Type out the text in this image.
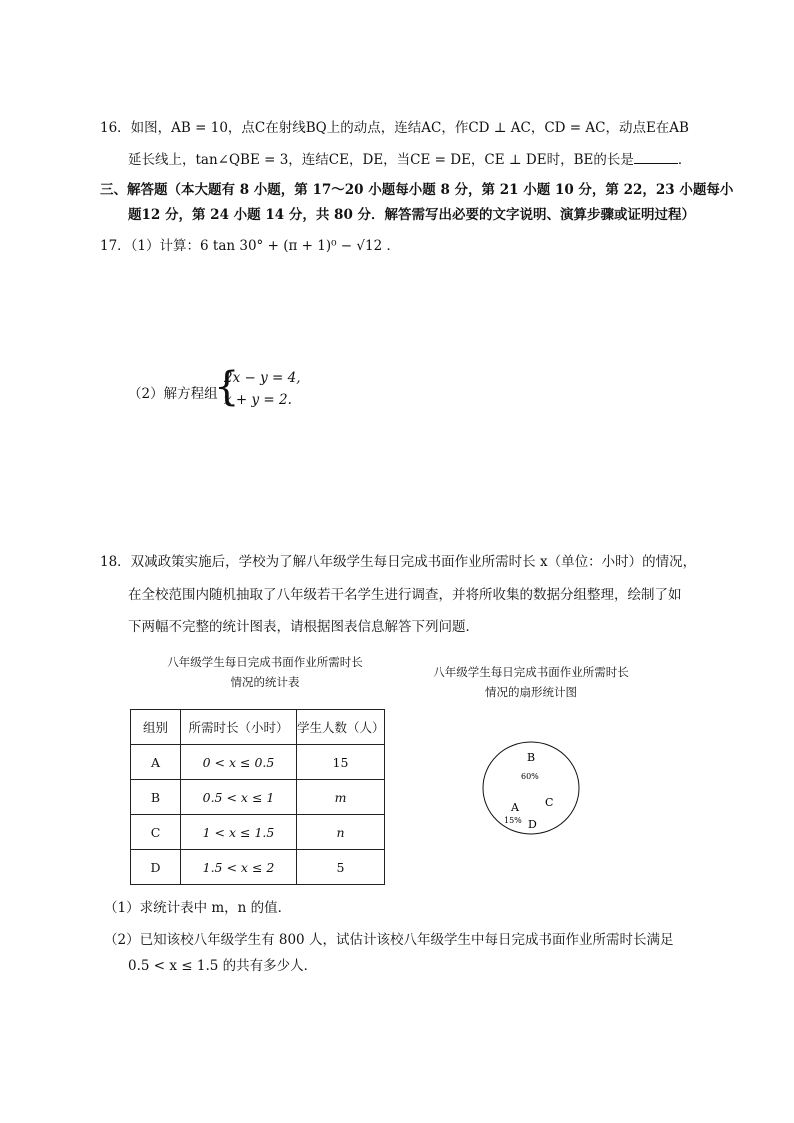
16．如图，AB = 10，点C在射线BQ上的动点，连结AC，作CD ⊥ AC，CD = AC，动点E在AB
延长线上，tan∠QBE = 3，连结CE，DE，当CE = DE，CE ⊥ DE时，BE的长是	．
三、解答题（本大题有 8 小题，第 17～20 小题每小题 8 分，第 21 小题 10 分，第 22，23 小题每小
题12 分，第 24 小题 14 分，共 80 分．解答需写出必要的文字说明、演算步骤或证明过程）
17．（1）计算：6 tan 30° + (π + 1)⁰ − √12 ．
（2）解方程组
{
2x − y = 4,
x + y = 2.
18．双减政策实施后，学校为了解八年级学生每日完成书面作业所需时长 x（单位：小时）的情况，
在全校范围内随机抽取了八年级若干名学生进行调查，并将所收集的数据分组整理，绘制了如
下两幅不完整的统计图表，请根据图表信息解答下列问题．
八年级学生每日完成书面作业所需时长
情况的统计表
八年级学生每日完成书面作业所需时长
情况的扇形统计图
组别	所需时长（小时）	学生人数（人）
A	0 < x ≤ 0.5	15
B	0.5 < x ≤ 1	m
C	1 < x ≤ 1.5	n
D	1.5 < x ≤ 2	5
B
60%
A C
15% D
（1）求统计表中 m，n 的值．
（2）已知该校八年级学生有 800 人，试估计该校八年级学生中每日完成书面作业所需时长满足
0.5 < x ≤ 1.5 的共有多少人．
